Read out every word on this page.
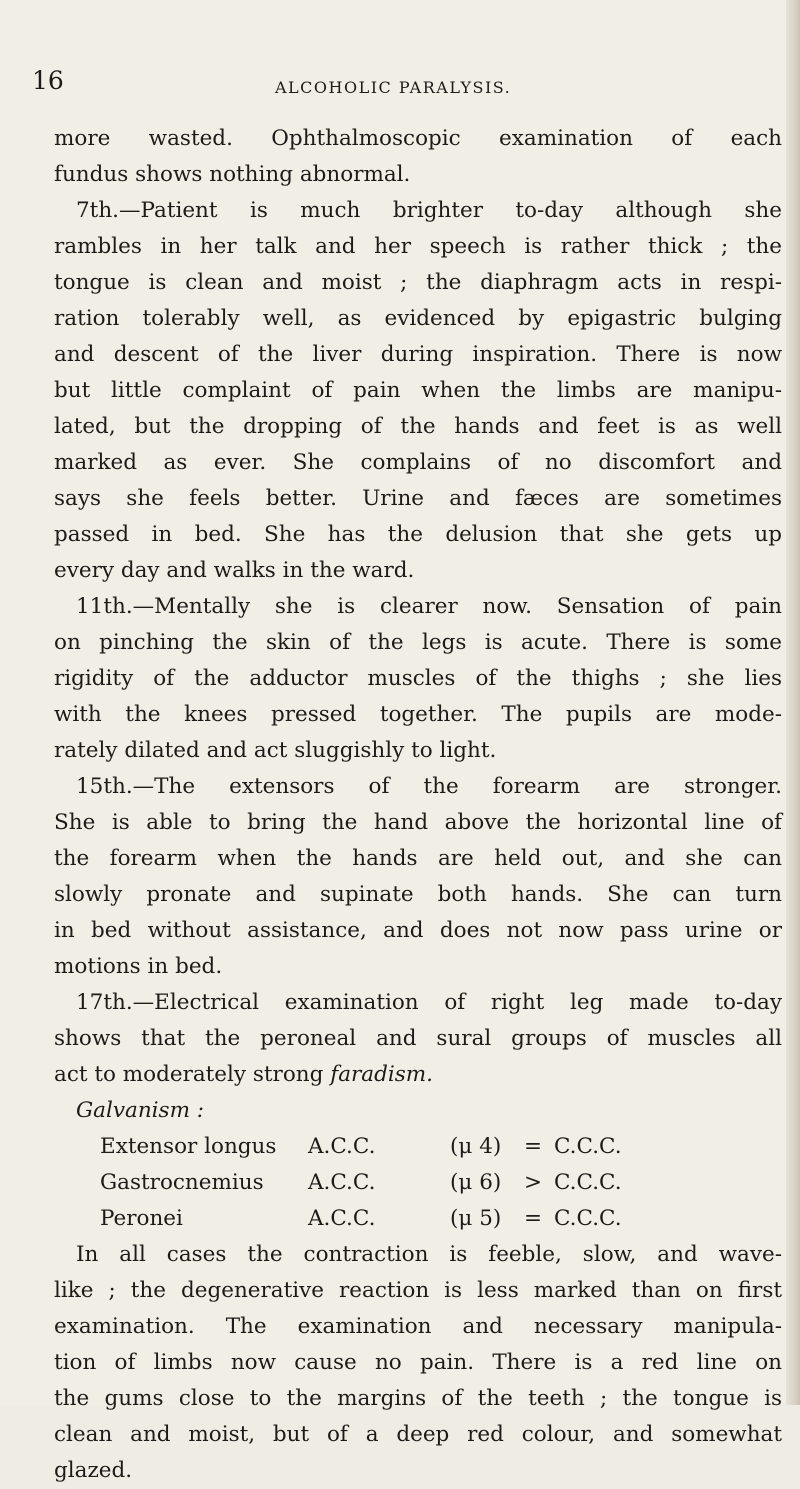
16	ALCOHOLIC PARALYSIS.
more wasted. Ophthalmoscopic examination of each
fundus shows nothing abnormal.
7th.—Patient is much brighter to-day although she
rambles in her talk and her speech is rather thick ; the
tongue is clean and moist ; the diaphragm acts in respi-
ration tolerably well, as evidenced by epigastric bulging
and descent of the liver during inspiration. There is now
but little complaint of pain when the limbs are manipu-
lated, but the dropping of the hands and feet is as well
marked as ever. She complains of no discomfort and
says she feels better. Urine and fæces are sometimes
passed in bed. She has the delusion that she gets up
every day and walks in the ward.
11th.—Mentally she is clearer now. Sensation of pain
on pinching the skin of the legs is acute. There is some
rigidity of the adductor muscles of the thighs ; she lies
with the knees pressed together. The pupils are mode-
rately dilated and act sluggishly to light.
15th.—The extensors of the forearm are stronger.
She is able to bring the hand above the horizontal line of
the forearm when the hands are held out, and she can
slowly pronate and supinate both hands. She can turn
in bed without assistance, and does not now pass urine or
motions in bed.
17th.—Electrical examination of right leg made to-day
shows that the peroneal and sural groups of muscles all
act to moderately strong faradism.
Galvanism :
Extensor longus A.C.C.	(μ 4) = C.C.C.
Gastrocnemius A.C.C.	(μ 6) > C.C.C.
Peronei	A.C.C.	(μ 5) = C.C.C.
In all cases the contraction is feeble, slow, and wave-
like ; the degenerative reaction is less marked than on first
examination. The examination and necessary manipula-
tion of limbs now cause no pain. There is a red line on
the gums close to the margins of the teeth ; the tongue is
clean and moist, but of a deep red colour, and somewhat
glazed.
